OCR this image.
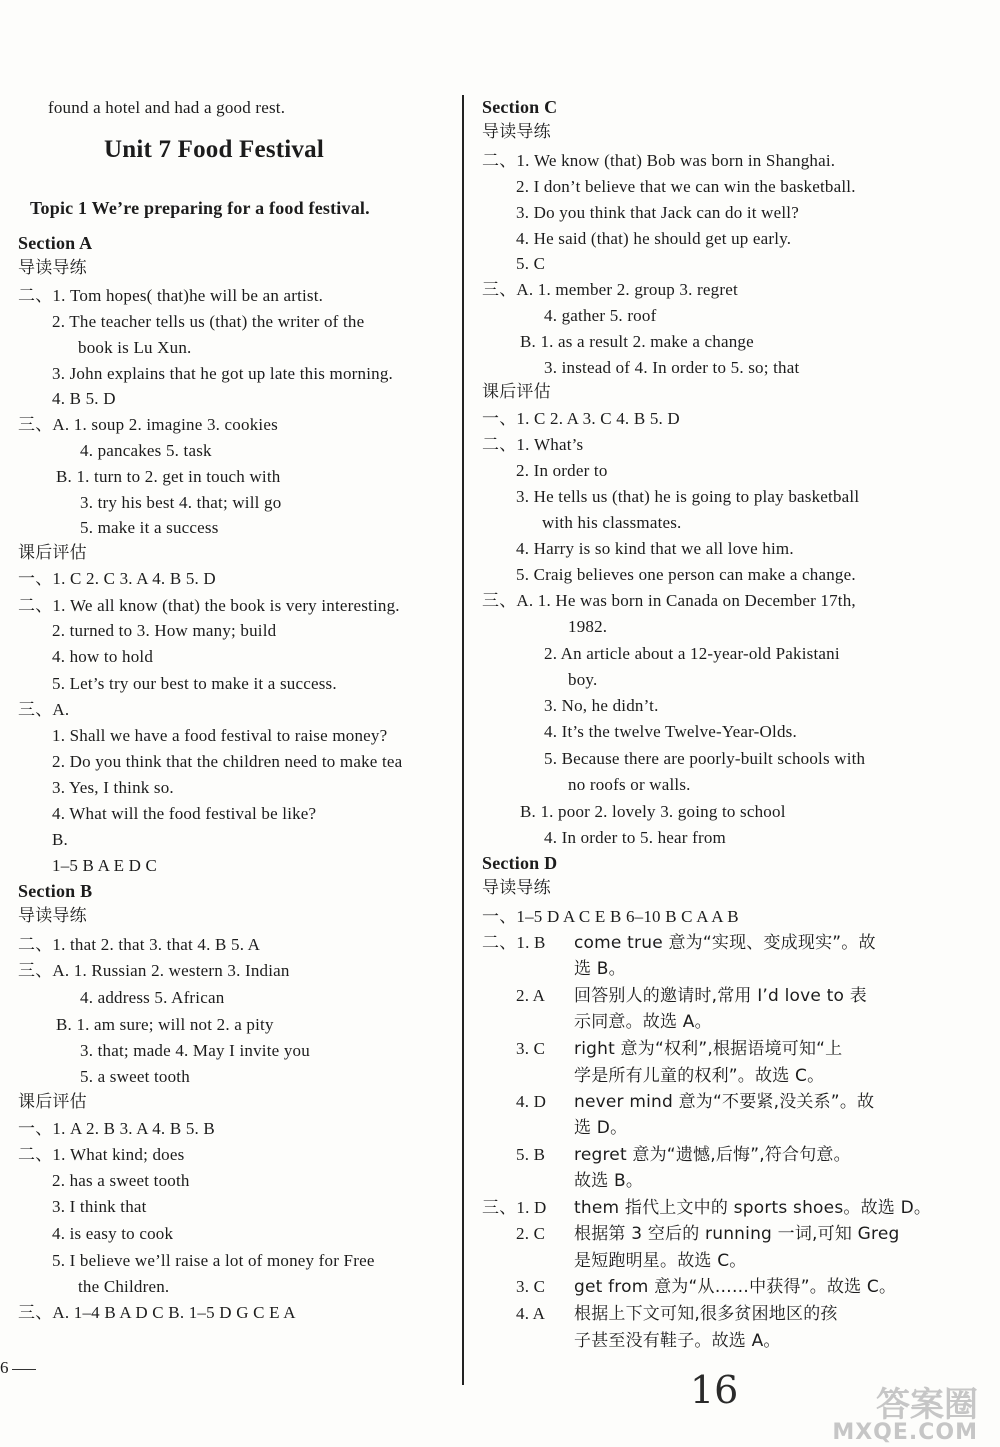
found a hotel and had a good rest.
Unit 7 Food Festival
Topic 1 We’re preparing for a food festival.
Section A
导读导练
二、1. Tom hopes( that)he will be an artist.
2. The teacher tells us (that) the writer of the
book is Lu Xun.
3. John explains that he got up late this morning.
4. B 5. D
三、A. 1. soup 2. imagine 3. cookies
4. pancakes 5. task
B. 1. turn to 2. get in touch with
3. try his best 4. that; will go
5. make it a success
课后评估
一、1. C 2. C 3. A 4. B 5. D
二、1. We all know (that) the book is very interesting.
2. turned to 3. How many; build
4. how to hold
5. Let’s try our best to make it a success.
三、A.
1. Shall we have a food festival to raise money?
2. Do you think that the children need to make tea
3. Yes, I think so.
4. What will the food festival be like?
B.
1–5 B A E D C
Section B
导读导练
二、1. that 2. that 3. that 4. B 5. A
三、A. 1. Russian 2. western 3. Indian
4. address 5. African
B. 1. am sure; will not 2. a pity
3. that; made 4. May I invite you
5. a sweet tooth
课后评估
一、1. A 2. B 3. A 4. B 5. B
二、1. What kind; does
2. has a sweet tooth
3. I think that
4. is easy to cook
5. I believe we’ll raise a lot of money for Free
the Children.
三、A. 1–4 B A D C B. 1–5 D G C E A
Section C
导读导练
二、1. We know (that) Bob was born in Shanghai.
2. I don’t believe that we can win the basketball.
3. Do you think that Jack can do it well?
4. He said (that) he should get up early.
5. C
三、A. 1. member 2. group 3. regret
4. gather 5. roof
B. 1. as a result 2. make a change
3. instead of 4. In order to 5. so; that
课后评估
一、1. C 2. A 3. C 4. B 5. D
二、1. What’s
2. In order to
3. He tells us (that) he is going to play basketball
with his classmates.
4. Harry is so kind that we all love him.
5. Craig believes one person can make a change.
三、A. 1. He was born in Canada on December 17th,
1982.
2. An article about a 12-year-old Pakistani
boy.
3. No, he didn’t.
4. It’s the twelve Twelve-Year-Olds.
5. Because there are poorly-built schools with
no roofs or walls.
B. 1. poor 2. lovely 3. going to school
4. In order to 5. hear from
Section D
导读导练
一、1–5 D A C E B 6–10 B C A A B
二、1. B come true 意为“实现、变成现实”。故
选 B。
2. A 回答别人的邀请时,常用 I’d love to 表
示同意。故选 A。
3. C right 意为“权利”,根据语境可知“上
学是所有儿童的权利”。故选 C。
4. D never mind 意为“不要紧,没关系”。故
选 D。
5. B regret 意为“遗憾,后悔”,符合句意。
故选 B。
三、1. D them 指代上文中的 sports shoes。故选 D。
2. C 根据第 3 空后的 running 一词,可知 Greg
是短跑明星。故选 C。
3. C get from 意为“从……中获得”。故选 C。
4. A 根据上下文可知,很多贫困地区的孩
子甚至没有鞋子。故选 A。
6
16	答案圈
MXQE.COM
